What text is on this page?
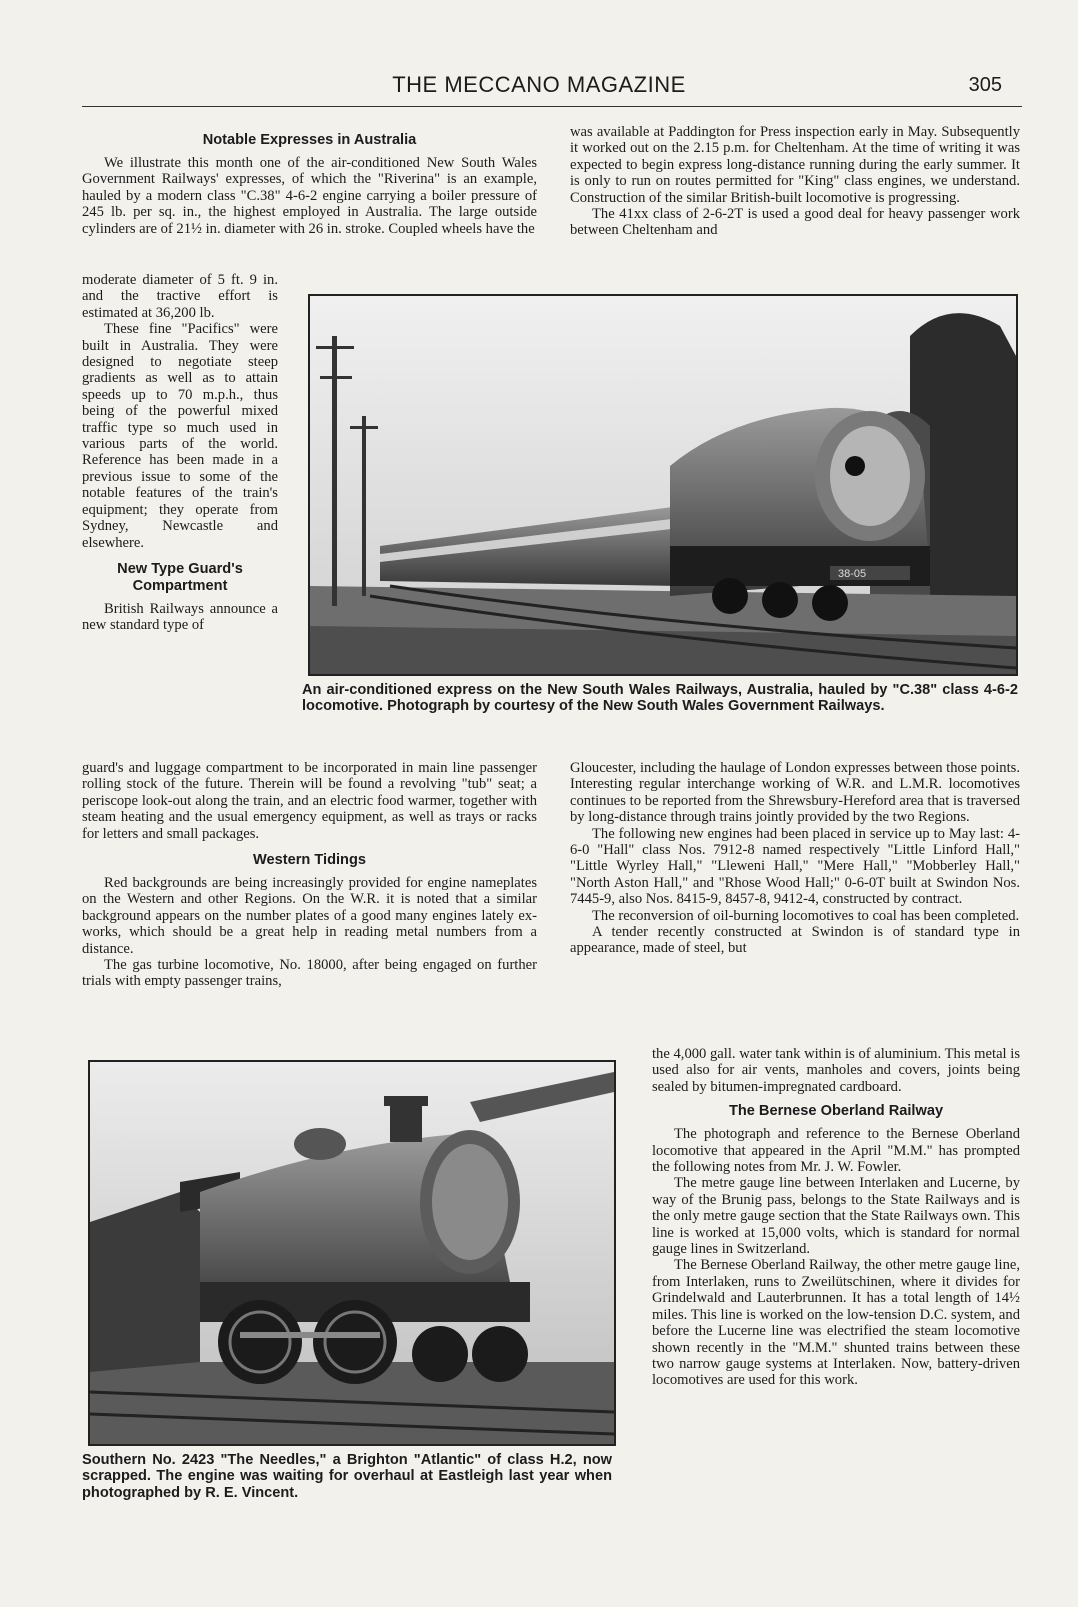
THE MECCANO MAGAZINE	305
Notable Expresses in Australia

We illustrate this month one of the air-conditioned New South Wales Government Railways' expresses, of which the "Riverina" is an example, hauled by a modern class "C.38" 4-6-2 engine carrying a boiler pressure of 245 lb. per sq. in., the highest employed in Australia. The large outside cylinders are of 21½ in. diameter with 26 in. stroke. Coupled wheels have the

moderate diameter of 5 ft. 9 in. and the tractive effort is estimated at 36,200 lb.

These fine "Pacifics" were built in Australia. They were designed to negotiate steep gradients as well as to attain speeds up to 70 m.p.h., thus being of the powerful mixed traffic type so much used in various parts of the world. Reference has been made in a previous issue to some of the notable features of the train's equipment; they operate from Sydney, Newcastle and elsewhere.

New Type Guard's Compartment

British Railways announce a new standard type of

38-05
An air-conditioned express on the New South Wales Railways, Australia, hauled by "C.38" class 4-6-2 locomotive. Photograph by courtesy of the New South Wales Government Railways.

guard's and luggage compartment to be incorporated in main line passenger rolling stock of the future. Therein will be found a revolving "tub" seat; a periscope look-out along the train, and an electric food warmer, together with steam heating and the usual emergency equipment, as well as trays or racks for letters and small packages.

Western Tidings

Red backgrounds are being increasingly provided for engine nameplates on the Western and other Regions. On the W.R. it is noted that a similar background appears on the number plates of a good many engines lately ex-works, which should be a great help in reading metal numbers from a distance.

The gas turbine locomotive, No. 18000, after being engaged on further trials with empty passenger trains,

was available at Paddington for Press inspection early in May. Subsequently it worked out on the 2.15 p.m. for Cheltenham. At the time of writing it was expected to begin express long-distance running during the early summer. It is only to run on routes permitted for "King" class engines, we understand. Construction of the similar British-built locomotive is progressing.

The 41xx class of 2-6-2T is used a good deal for heavy passenger work between Cheltenham and

Gloucester, including the haulage of London expresses between those points. Interesting regular interchange working of W.R. and L.M.R. locomotives continues to be reported from the Shrewsbury-Hereford area that is traversed by long-distance through trains jointly provided by the two Regions.

The following new engines had been placed in service up to May last: 4-6-0 "Hall" class Nos. 7912-8 named respectively "Little Linford Hall," "Little Wyrley Hall," "Lleweni Hall," "Mere Hall," "Mobberley Hall," "North Aston Hall," and "Rhose Wood Hall;" 0-6-0T built at Swindon Nos. 7445-9, also Nos. 8415-9, 8457-8, 9412-4, constructed by contract.

The reconversion of oil-burning locomotives to coal has been completed.

A tender recently constructed at Swindon is of standard type in appearance, made of steel, but

the 4,000 gall. water tank within is of aluminium. This metal is used also for air vents, manholes and covers, joints being sealed by bitumen-impregnated cardboard.

The Bernese Oberland Railway

The photograph and reference to the Bernese Oberland locomotive that appeared in the April "M.M." has prompted the following notes from Mr. J. W. Fowler.

The metre gauge line between Interlaken and Lucerne, by way of the Brunig pass, belongs to the State Railways and is the only metre gauge section that the State Railways own. This line is worked at 15,000 volts, which is standard for normal gauge lines in Switzerland.

The Bernese Oberland Railway, the other metre gauge line, from Interlaken, runs to Zweilütschinen, where it divides for Grindelwald and Lauterbrunnen. It has a total length of 14½ miles. This line is worked on the low-tension D.C. system, and before the Lucerne line was electrified the steam locomotive shown recently in the "M.M." shunted trains between these two narrow gauge systems at Interlaken. Now, battery-driven locomotives are used for this work.

Southern No. 2423 "The Needles," a Brighton "Atlantic" of class H.2, now scrapped. The engine was waiting for overhaul at Eastleigh last year when photographed by R. E. Vincent.
